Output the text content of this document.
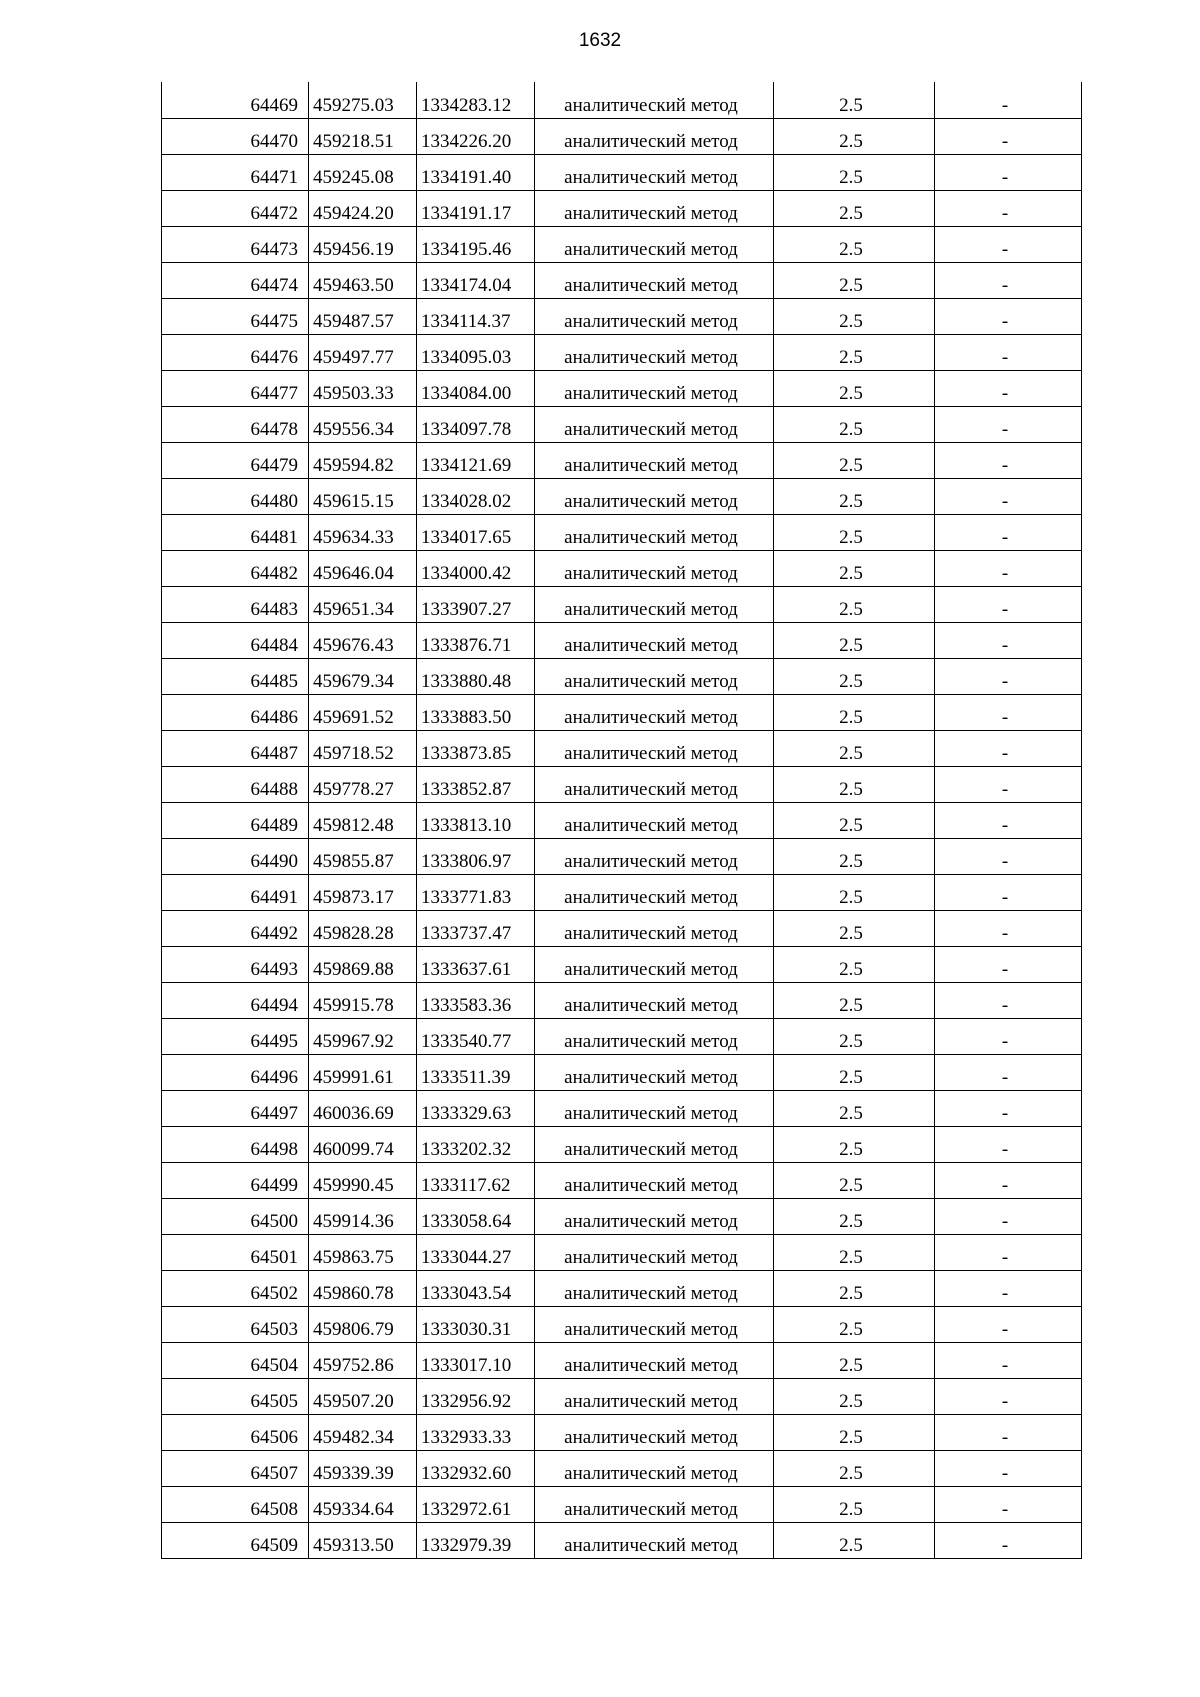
1632
64469	459275.03	1334283.12	аналитический метод	2.5	-
64470	459218.51	1334226.20	аналитический метод	2.5	-
64471	459245.08	1334191.40	аналитический метод	2.5	-
64472	459424.20	1334191.17	аналитический метод	2.5	-
64473	459456.19	1334195.46	аналитический метод	2.5	-
64474	459463.50	1334174.04	аналитический метод	2.5	-
64475	459487.57	1334114.37	аналитический метод	2.5	-
64476	459497.77	1334095.03	аналитический метод	2.5	-
64477	459503.33	1334084.00	аналитический метод	2.5	-
64478	459556.34	1334097.78	аналитический метод	2.5	-
64479	459594.82	1334121.69	аналитический метод	2.5	-
64480	459615.15	1334028.02	аналитический метод	2.5	-
64481	459634.33	1334017.65	аналитический метод	2.5	-
64482	459646.04	1334000.42	аналитический метод	2.5	-
64483	459651.34	1333907.27	аналитический метод	2.5	-
64484	459676.43	1333876.71	аналитический метод	2.5	-
64485	459679.34	1333880.48	аналитический метод	2.5	-
64486	459691.52	1333883.50	аналитический метод	2.5	-
64487	459718.52	1333873.85	аналитический метод	2.5	-
64488	459778.27	1333852.87	аналитический метод	2.5	-
64489	459812.48	1333813.10	аналитический метод	2.5	-
64490	459855.87	1333806.97	аналитический метод	2.5	-
64491	459873.17	1333771.83	аналитический метод	2.5	-
64492	459828.28	1333737.47	аналитический метод	2.5	-
64493	459869.88	1333637.61	аналитический метод	2.5	-
64494	459915.78	1333583.36	аналитический метод	2.5	-
64495	459967.92	1333540.77	аналитический метод	2.5	-
64496	459991.61	1333511.39	аналитический метод	2.5	-
64497	460036.69	1333329.63	аналитический метод	2.5	-
64498	460099.74	1333202.32	аналитический метод	2.5	-
64499	459990.45	1333117.62	аналитический метод	2.5	-
64500	459914.36	1333058.64	аналитический метод	2.5	-
64501	459863.75	1333044.27	аналитический метод	2.5	-
64502	459860.78	1333043.54	аналитический метод	2.5	-
64503	459806.79	1333030.31	аналитический метод	2.5	-
64504	459752.86	1333017.10	аналитический метод	2.5	-
64505	459507.20	1332956.92	аналитический метод	2.5	-
64506	459482.34	1332933.33	аналитический метод	2.5	-
64507	459339.39	1332932.60	аналитический метод	2.5	-
64508	459334.64	1332972.61	аналитический метод	2.5	-
64509	459313.50	1332979.39	аналитический метод	2.5	-
